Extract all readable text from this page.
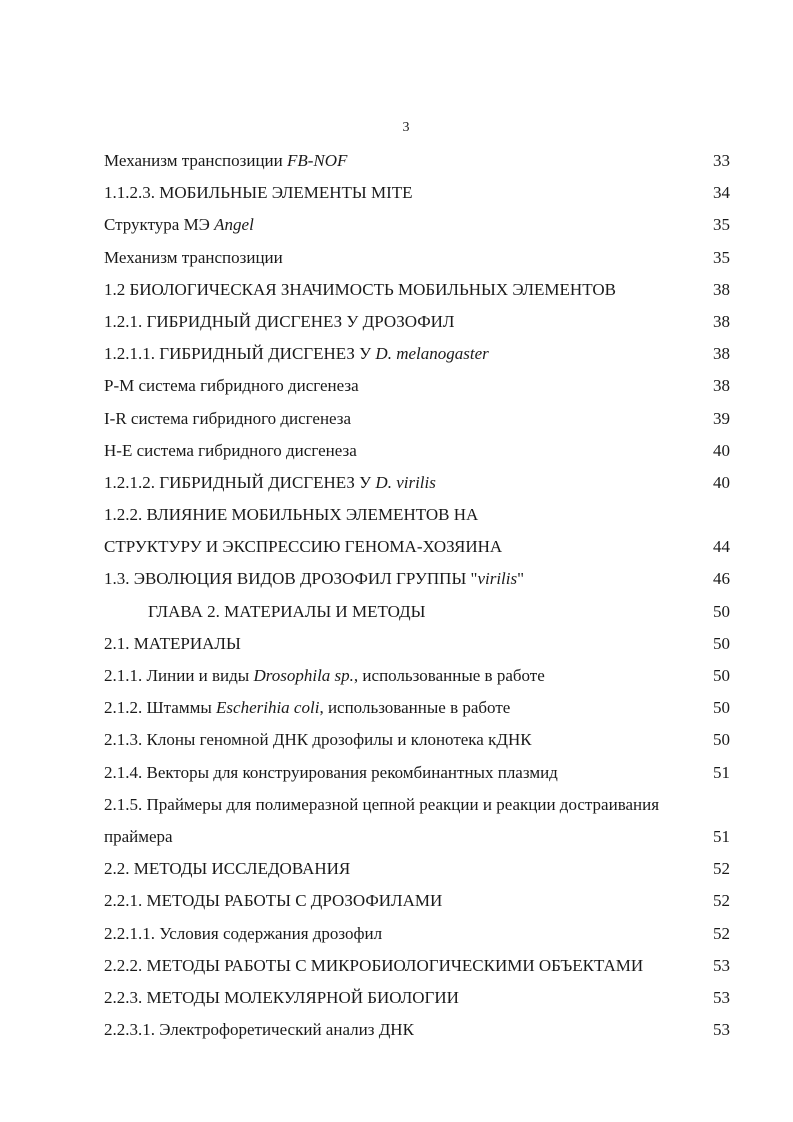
3
Механизм транспозиции FB-NOF	33
1.1.2.3. МОБИЛЬНЫЕ ЭЛЕМЕНТЫ MITE	34
Структура МЭ Angel	35
Механизм транспозиции	35
1.2 БИОЛОГИЧЕСКАЯ ЗНАЧИМОСТЬ МОБИЛЬНЫХ ЭЛЕМЕНТОВ	38
1.2.1. ГИБРИДНЫЙ ДИСГЕНЕЗ У ДРОЗОФИЛ	38
1.2.1.1. ГИБРИДНЫЙ ДИСГЕНЕЗ У D. melanogaster	38
P-M система гибридного дисгенеза	38
I-R система гибридного дисгенеза	39
H-E система гибридного дисгенеза	40
1.2.1.2. ГИБРИДНЫЙ ДИСГЕНЕЗ У D. virilis	40
1.2.2. ВЛИЯНИЕ МОБИЛЬНЫХ ЭЛЕМЕНТОВ НА
СТРУКТУРУ И ЭКСПРЕССИЮ ГЕНОМА-ХОЗЯИНА	44
1.3. ЭВОЛЮЦИЯ ВИДОВ ДРОЗОФИЛ ГРУППЫ "virilis"	46
ГЛАВА 2. МАТЕРИАЛЫ И МЕТОДЫ	50
2.1. МАТЕРИАЛЫ	50
2.1.1. Линии и виды Drosophila sp., использованные в работе	50
2.1.2. Штаммы Escherihia coli, использованные в работе	50
2.1.3. Клоны геномной ДНК дрозофилы и клонотека кДНК	50
2.1.4. Векторы для конструирования рекомбинантных плазмид	51
2.1.5. Праймеры для полимеразной цепной реакции и реакции достраивания
праймера	51
2.2. МЕТОДЫ ИССЛЕДОВАНИЯ	52
2.2.1. МЕТОДЫ РАБОТЫ С ДРОЗОФИЛАМИ	52
2.2.1.1. Условия содержания дрозофил	52
2.2.2. МЕТОДЫ РАБОТЫ С МИКРОБИОЛОГИЧЕСКИМИ ОБЪЕКТАМИ	53
2.2.3. МЕТОДЫ МОЛЕКУЛЯРНОЙ БИОЛОГИИ	53
2.2.3.1. Электрофоретический анализ ДНК	53
